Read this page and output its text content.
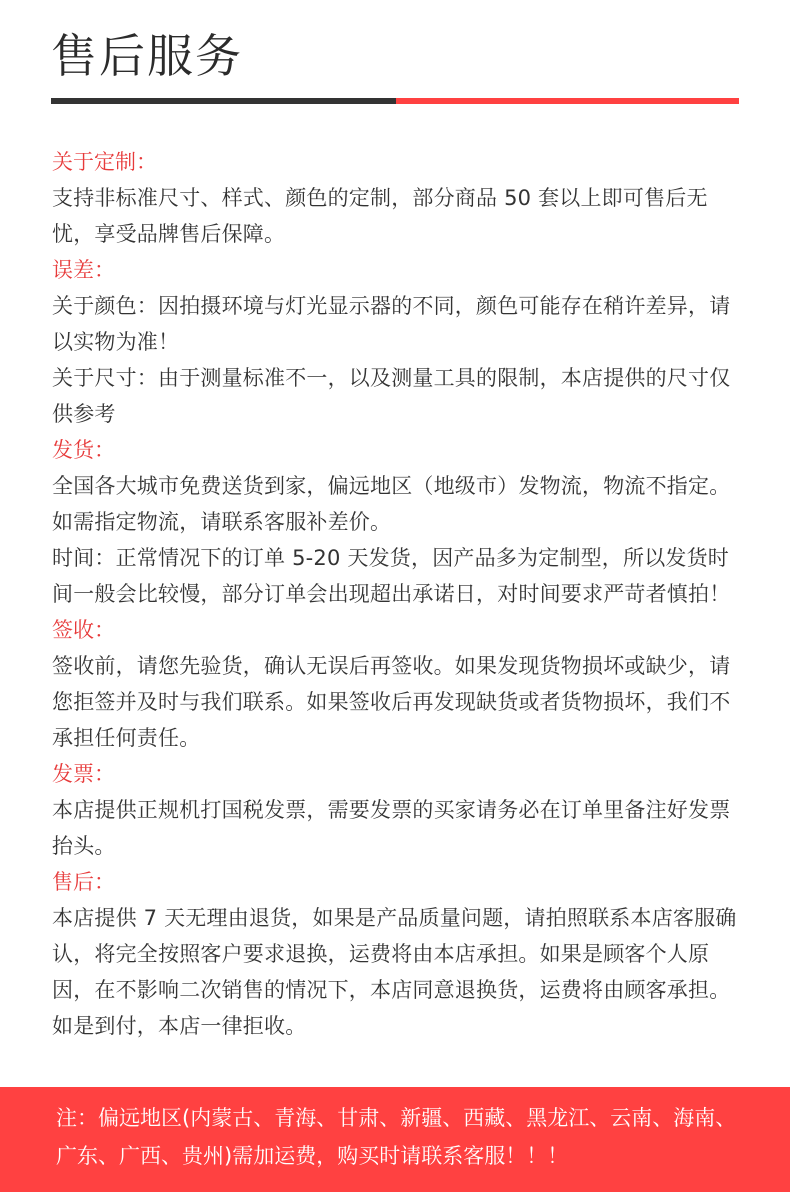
售后服务

关于定制：

支持非标准尺寸、样式、颜色的定制，部分商品 50 套以上即可售后无忧，享受品牌售后保障。

误差：

关于颜色：因拍摄环境与灯光显示器的不同，颜色可能存在稍许差异，请以实物为准！

关于尺寸：由于测量标准不一，以及测量工具的限制，本店提供的尺寸仅供参考

发货：

全国各大城市免费送货到家，偏远地区（地级市）发物流，物流不指定。如需指定物流，请联系客服补差价。

时间：正常情况下的订单 5-20 天发货，因产品多为定制型，所以发货时间一般会比较慢，部分订单会出现超出承诺日，对时间要求严苛者慎拍！

签收：

签收前，请您先验货，确认无误后再签收。如果发现货物损坏或缺少，请您拒签并及时与我们联系。如果签收后再发现缺货或者货物损坏，我们不承担任何责任。

发票：

本店提供正规机打国税发票，需要发票的买家请务必在订单里备注好发票抬头。

售后：

本店提供 7 天无理由退货，如果是产品质量问题，请拍照联系本店客服确认，将完全按照客户要求退换，运费将由本店承担。如果是顾客个人原因，在不影响二次销售的情况下，本店同意退换货，运费将由顾客承担。如是到付，本店一律拒收。

注：偏远地区(内蒙古、青海、甘肃、新疆、西藏、黑龙江、云南、海南、广东、广西、贵州)需加运费，购买时请联系客服！！！
